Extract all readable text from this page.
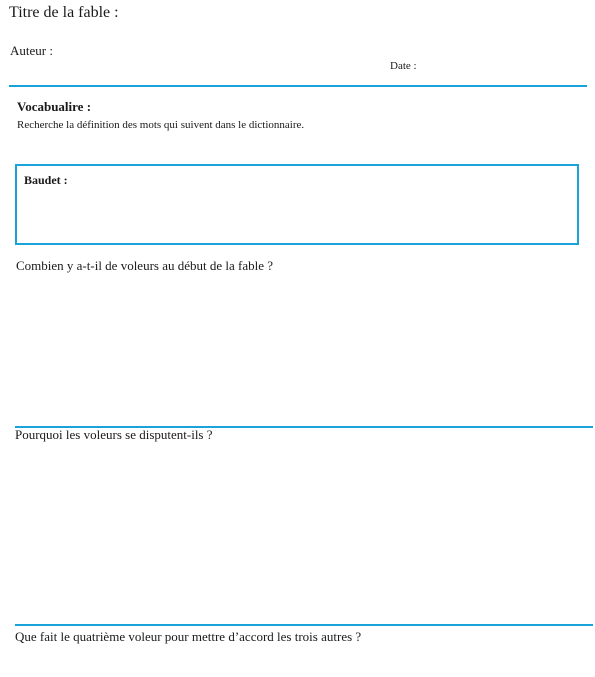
Titre de la fable :
Auteur :
Date :
Vocabualire :
Recherche la définition des mots qui suivent dans le dictionnaire.
Baudet :
Combien y a-t-il de voleurs au début de la fable ?
Pourquoi les voleurs se disputent-ils ?
Que fait le quatrième voleur pour mettre d’accord les trois autres ?
